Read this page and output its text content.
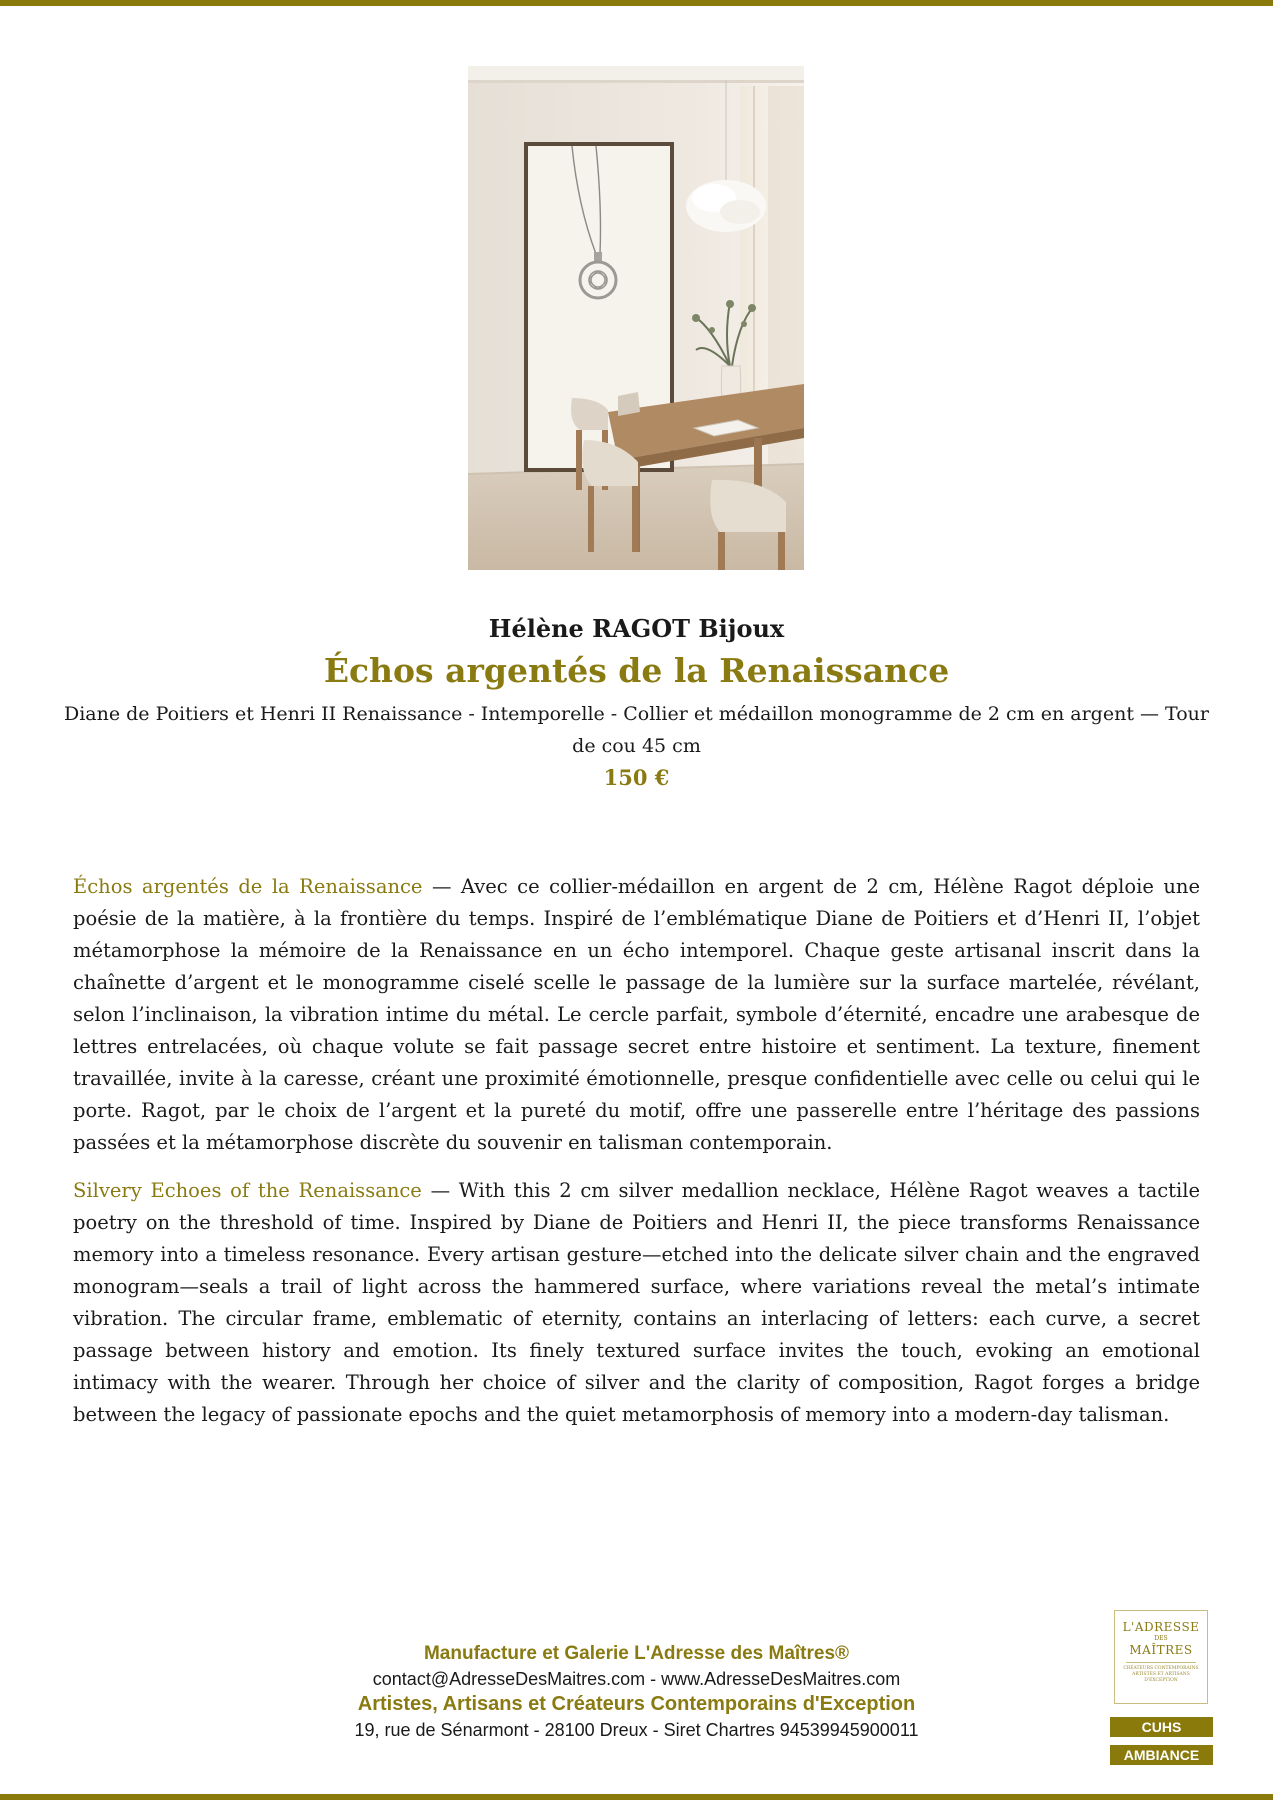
Hélène RAGOT Bijoux
Échos argentés de la Renaissance
Diane de Poitiers et Henri II Renaissance - Intemporelle - Collier et médaillon monogramme de 2 cm en argent — Tour de cou 45 cm
150 €

Échos argentés de la Renaissance — Avec ce collier-médaillon en argent de 2 cm, Hélène Ragot déploie une poésie de la matière, à la frontière du temps. Inspiré de l’emblématique Diane de Poitiers et d’Henri II, l’objet métamorphose la mémoire de la Renaissance en un écho intemporel. Chaque geste artisanal inscrit dans la chaînette d’argent et le monogramme ciselé scelle le passage de la lumière sur la surface martelée, révélant, selon l’inclinaison, la vibration intime du métal. Le cercle parfait, symbole d’éternité, encadre une arabesque de lettres entrelacées, où chaque volute se fait passage secret entre histoire et sentiment. La texture, finement travaillée, invite à la caresse, créant une proximité émotionnelle, presque confidentielle avec celle ou celui qui le porte. Ragot, par le choix de l’argent et la pureté du motif, offre une passerelle entre l’héritage des passions passées et la métamorphose discrète du souvenir en talisman contemporain.

Silvery Echoes of the Renaissance — With this 2 cm silver medallion necklace, Hélène Ragot weaves a tactile poetry on the threshold of time. Inspired by Diane de Poitiers and Henri II, the piece transforms Renaissance memory into a timeless resonance. Every artisan gesture—etched into the delicate silver chain and the engraved monogram—seals a trail of light across the hammered surface, where variations reveal the metal’s intimate vibration. The circular frame, emblematic of eternity, contains an interlacing of letters: each curve, a secret passage between history and emotion. Its finely textured surface invites the touch, evoking an emotional intimacy with the wearer. Through her choice of silver and the clarity of composition, Ragot forges a bridge between the legacy of passionate epochs and the quiet metamorphosis of memory into a modern-day talisman.

Manufacture et Galerie L'Adresse des Maîtres®
contact@AdresseDesMaitres.com - www.AdresseDesMaitres.com
Artistes, Artisans et Créateurs Contemporains d'Exception
19, rue de Sénarmont - 28100 Dreux - Siret Chartres 94539945900011
L'ADRESSE
DES
MAÎTRES
CRÉATEURS CONTEMPORAINS ARTISTES ET ARTISANS D'EXCEPTION
CUHS
AMBIANCE
